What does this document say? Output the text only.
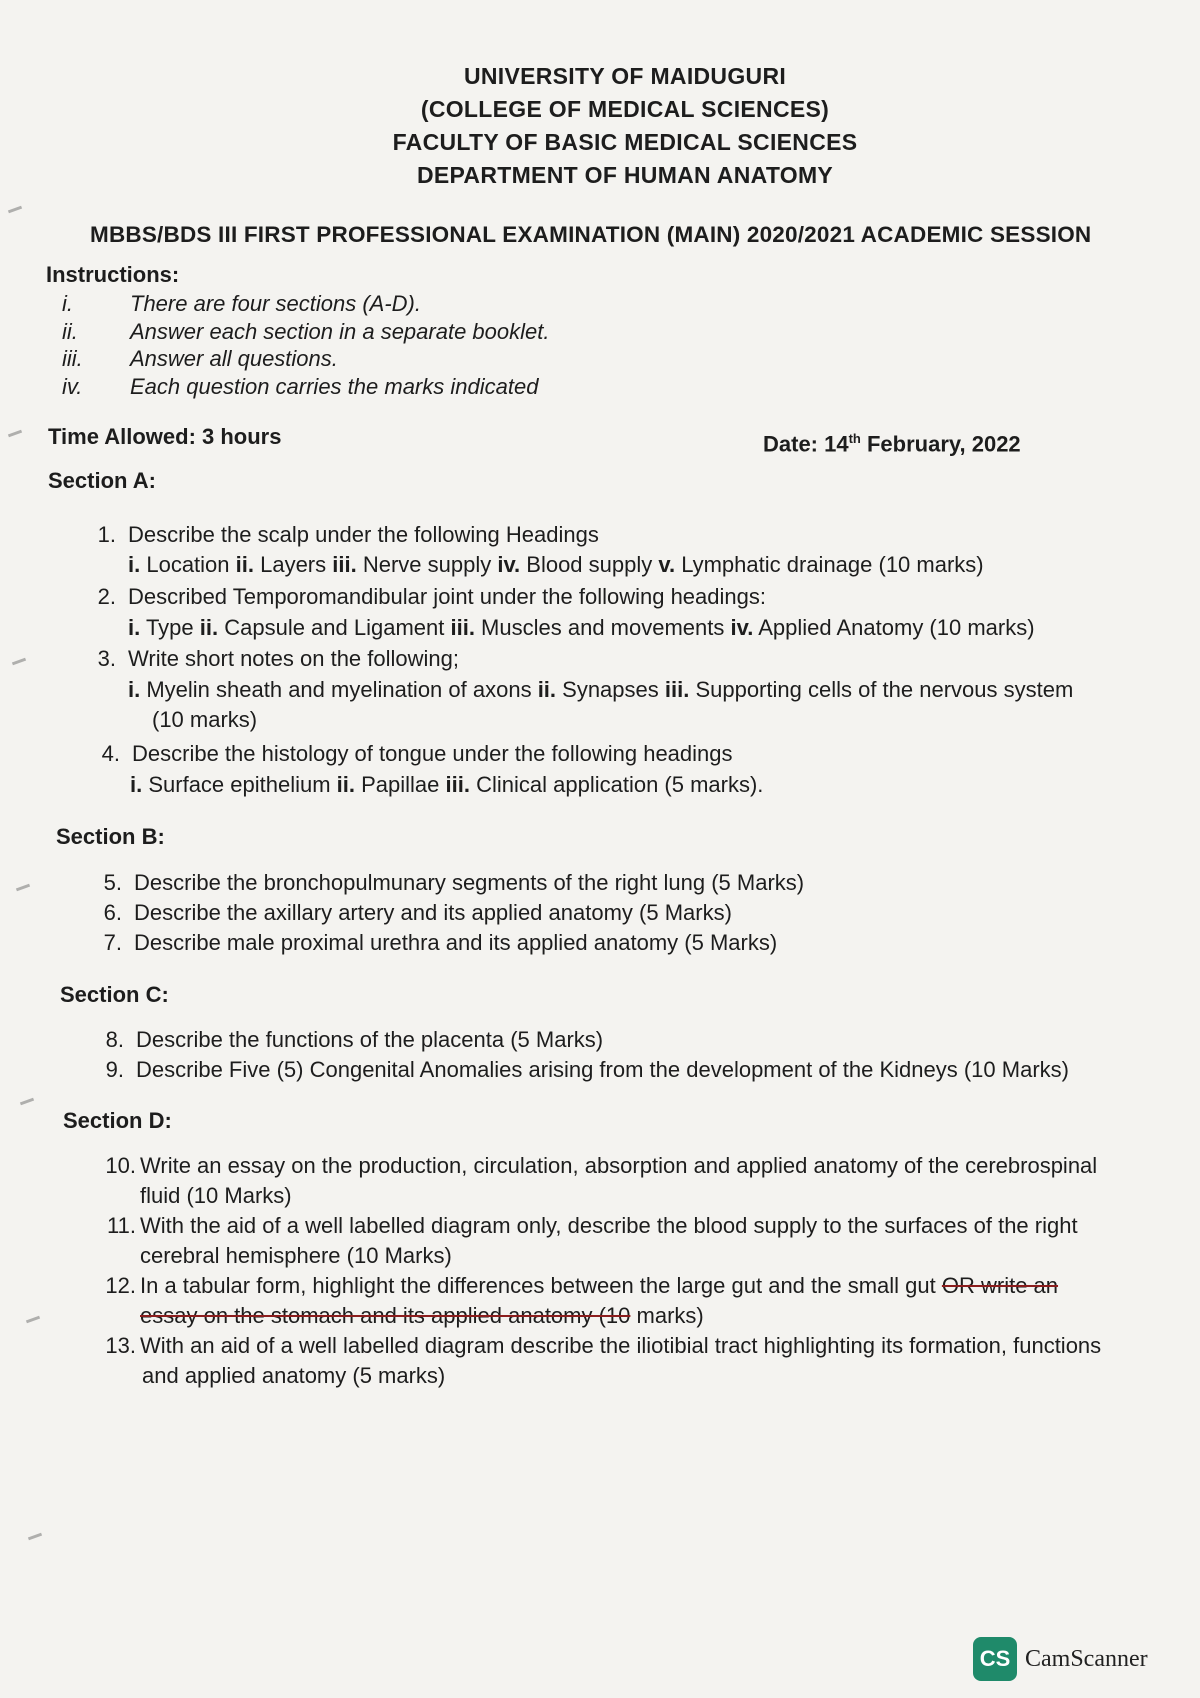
UNIVERSITY OF MAIDUGURI
(COLLEGE OF MEDICAL SCIENCES)
FACULTY OF BASIC MEDICAL SCIENCES
DEPARTMENT OF HUMAN ANATOMY
MBBS/BDS III FIRST PROFESSIONAL EXAMINATION (MAIN) 2020/2021 ACADEMIC SESSION
Instructions:
i.	There are four sections (A-D).
ii.	Answer each section in a separate booklet.
iii.	Answer all questions.
iv.	Each question carries the marks indicated
Time Allowed: 3 hours	Date: 14th February, 2022
Section A:
1. Describe the scalp under the following Headings
i. Location ii. Layers iii. Nerve supply iv. Blood supply v. Lymphatic drainage (10 marks)
2. Described Temporomandibular joint under the following headings:
i. Type ii. Capsule and Ligament iii. Muscles and movements iv. Applied Anatomy (10 marks)
3. Write short notes on the following;
i. Myelin sheath and myelination of axons ii. Synapses iii. Supporting cells of the nervous system
(10 marks)
4. Describe the histology of tongue under the following headings
i. Surface epithelium ii. Papillae iii. Clinical application (5 marks).
Section B:
5. Describe the bronchopulmunary segments of the right lung (5 Marks)
6. Describe the axillary artery and its applied anatomy (5 Marks)
7. Describe male proximal urethra and its applied anatomy (5 Marks)
Section C:
8. Describe the functions of the placenta (5 Marks)
9. Describe Five (5) Congenital Anomalies arising from the development of the Kidneys (10 Marks)
Section D:
10. Write an essay on the production, circulation, absorption and applied anatomy of the cerebrospinal
fluid (10 Marks)
11. With the aid of a well labelled diagram only, describe the blood supply to the surfaces of the right
cerebral hemisphere (10 Marks)
12. In a tabular form, highlight the differences between the large gut and the small gut OR write an
essay on the stomach and its applied anatomy (10 marks)
13. With an aid of a well labelled diagram describe the iliotibial tract highlighting its formation, functions
and applied anatomy (5 marks)
CS CamScanner
